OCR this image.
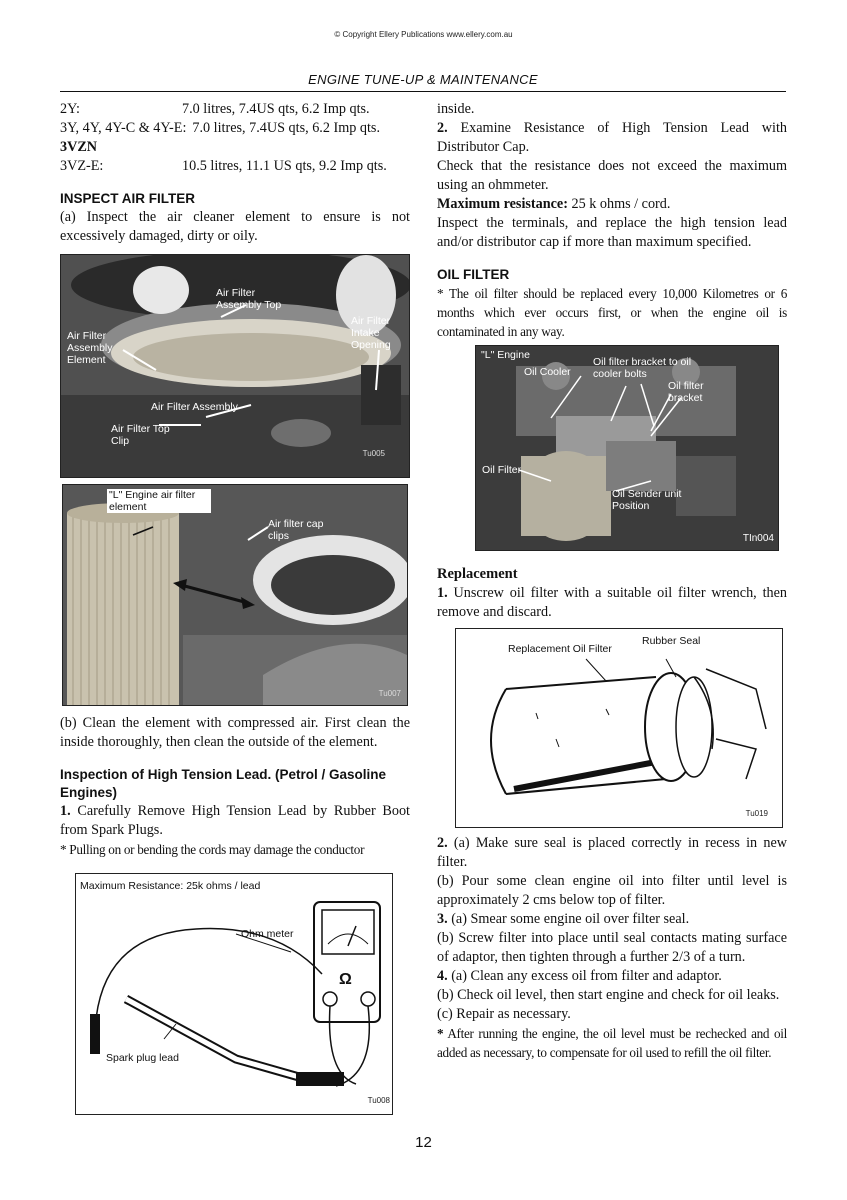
© Copyright Ellery Publications www.ellery.com.au
ENGINE TUNE-UP & MAINTENANCE
2Y:	7.0 litres, 7.4US qts, 6.2 Imp qts.
3Y, 4Y, 4Y-C & 4Y-E: 7.0 litres, 7.4US qts, 6.2 Imp qts.
3VZN
3VZ-E:	10.5 litres, 11.1 US qts, 9.2 Imp qts.
INSPECT AIR FILTER

(a) Inspect the air cleaner element to ensure is not excessively damaged, dirty or oily.

Air Filter Assembly Top
Air Filter Intake Opening
Air Filter Assembly Element
Air Filter Assembly
Air Filter Top Clip
Tu005
"L" Engine air filter element
Air filter cap clips
Tu007

(b) Clean the element with compressed air. First clean the inside thoroughly, then clean the outside of the element.

Inspection of High Tension Lead. (Petrol / Gasoline Engines)

1. Carefully Remove High Tension Lead by Rubber Boot from Spark Plugs.

* Pulling on or bending the cords may damage the conductor

Maximum Resistance: 25k ohms / lead
Ohm meter
Spark plug lead
Ω
Tu008

inside.

2. Examine Resistance of High Tension Lead with Distributor Cap.

Check that the resistance does not exceed the maximum using an ohmmeter.

Maximum resistance: 25 k ohms / cord.

Inspect the terminals, and replace the high tension lead and/or distributor cap if more than maximum specified.

OIL FILTER

* The oil filter should be replaced every 10,000 Kilometres or 6 months which ever occurs first, or when the engine oil is contaminated in any way.

"L" Engine
Oil Cooler
Oil filter bracket to oil cooler bolts
Oil filter bracket
Oil Filter
Oil Sender unit Position
TIn004
Replacement

1. Unscrew oil filter with a suitable oil filter wrench, then remove and discard.

Replacement Oil Filter
Rubber Seal
Tu019

2. (a) Make sure seal is placed correctly in recess in new filter.

(b) Pour some clean engine oil into filter until level is approximately 2 cms below top of filter.

3. (a) Smear some engine oil over filter seal.

(b) Screw filter into place until seal contacts mating surface of adaptor, then tighten through a further 2/3 of a turn.

4. (a) Clean any excess oil from filter and adaptor.

(b) Check oil level, then start engine and check for oil leaks.

(c) Repair as necessary.

* After running the engine, the oil level must be rechecked and oil added as necessary, to compensate for oil used to refill the oil filter.

12
